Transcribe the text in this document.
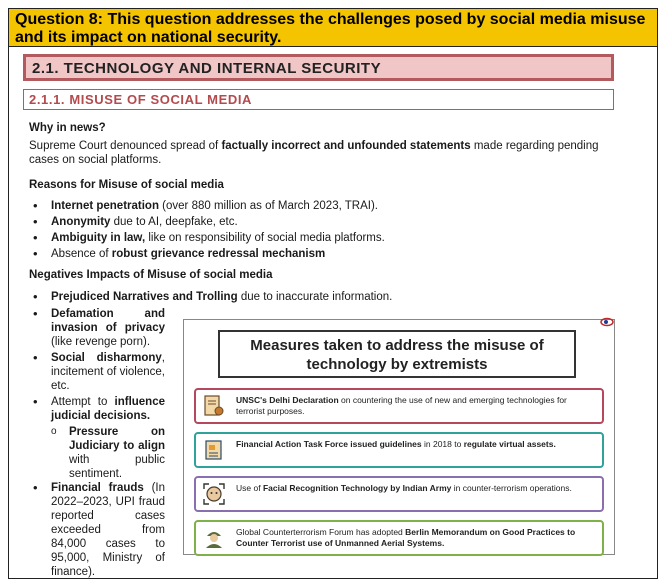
Question 8: This question addresses the challenges posed by social media misuse and its impact on national security.
2.1. TECHNOLOGY AND INTERNAL SECURITY
2.1.1. MISUSE OF SOCIAL MEDIA
Why in news?
Supreme Court denounced spread of factually incorrect and unfounded statements made regarding pending cases on social platforms.
Reasons for Misuse of social media
• Internet penetration (over 880 million as of March 2023, TRAI).
• Anonymity due to AI, deepfake, etc.
• Ambiguity in law, like on responsibility of social media platforms.
• Absence of robust grievance redressal mechanism
Negatives Impacts of Misuse of social media
• Prejudiced Narratives and Trolling due to inaccurate information.
• Defamation and invasion of privacy (like revenge porn).
• Social disharmony, incitement of violence, etc.
• Attempt to influence judicial decisions.
o Pressure on Judiciary to align with public sentiment.
• Financial frauds (In 2022–2023, UPI fraud reported cases exceeded from 84,000 cases to 95,000, Ministry of finance).
Measures taken to address the misuse of technology by extremists
UNSC's Delhi Declaration on countering the use of new and emerging technologies for terrorist purposes.
Financial Action Task Force issued guidelines in 2018 to regulate virtual assets.
Use of Facial Recognition Technology by Indian Army in counter-terrorism operations.
Global Counterterrorism Forum has adopted Berlin Memorandum on Good Practices to Counter Terrorist use of Unmanned Aerial Systems.
